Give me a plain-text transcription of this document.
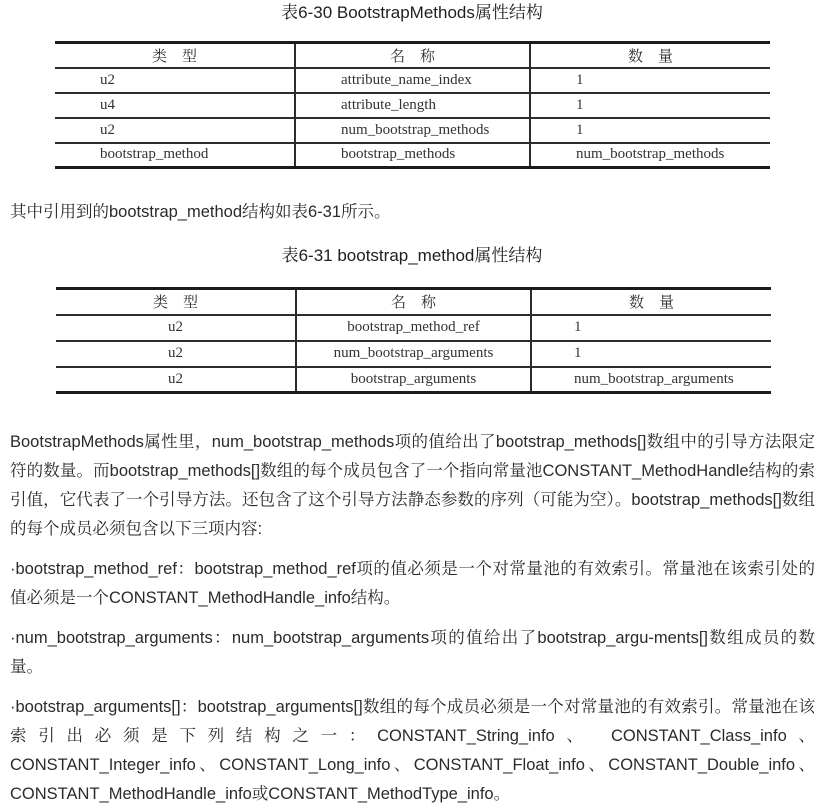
表6-30 BootstrapMethods属性结构
类　型	名　称	数　量
u2	attribute_name_index	1
u4	attribute_length	1
u2	num_bootstrap_methods	1
bootstrap_method	bootstrap_methods	num_bootstrap_methods
其中引用到的bootstrap_method结构如表6-31所示。
表6-31 bootstrap_method属性结构
类　型	名　称	数　量
u2	bootstrap_method_ref	1
u2	num_bootstrap_arguments	1
u2	bootstrap_arguments	num_bootstrap_arguments

BootstrapMethods属性里，num_bootstrap_methods项的值给出了bootstrap_methods[]数组中的引导方法限定符的数量。而bootstrap_methods[]数组的每个成员包含了一个指向常量池CONSTANT_MethodHandle结构的索引值，它代表了一个引导方法。还包含了这个引导方法静态参数的序列（可能为空）。bootstrap_methods[]数组的每个成员必须包含以下三项内容:

·bootstrap_method_ref：bootstrap_method_ref项的值必须是一个对常量池的有效索引。常量池在该索引处的值必须是一个CONSTANT_MethodHandle_info结构。

·num_bootstrap_arguments：num_bootstrap_arguments项的值给出了bootstrap_argu-ments[]数组成员的数量。

·bootstrap_arguments[]：bootstrap_arguments[]数组的每个成员必须是一个对常量池的有效索引。常量池在该索引出必须是下列结构之一：CONSTANT_String_info、 CONSTANT_Class_info、CONSTANT_Integer_info、CONSTANT_Long_info、CONSTANT_Float_info、CONSTANT_Double_info、CONSTANT_MethodHandle_info或CONSTANT_MethodType_info。
